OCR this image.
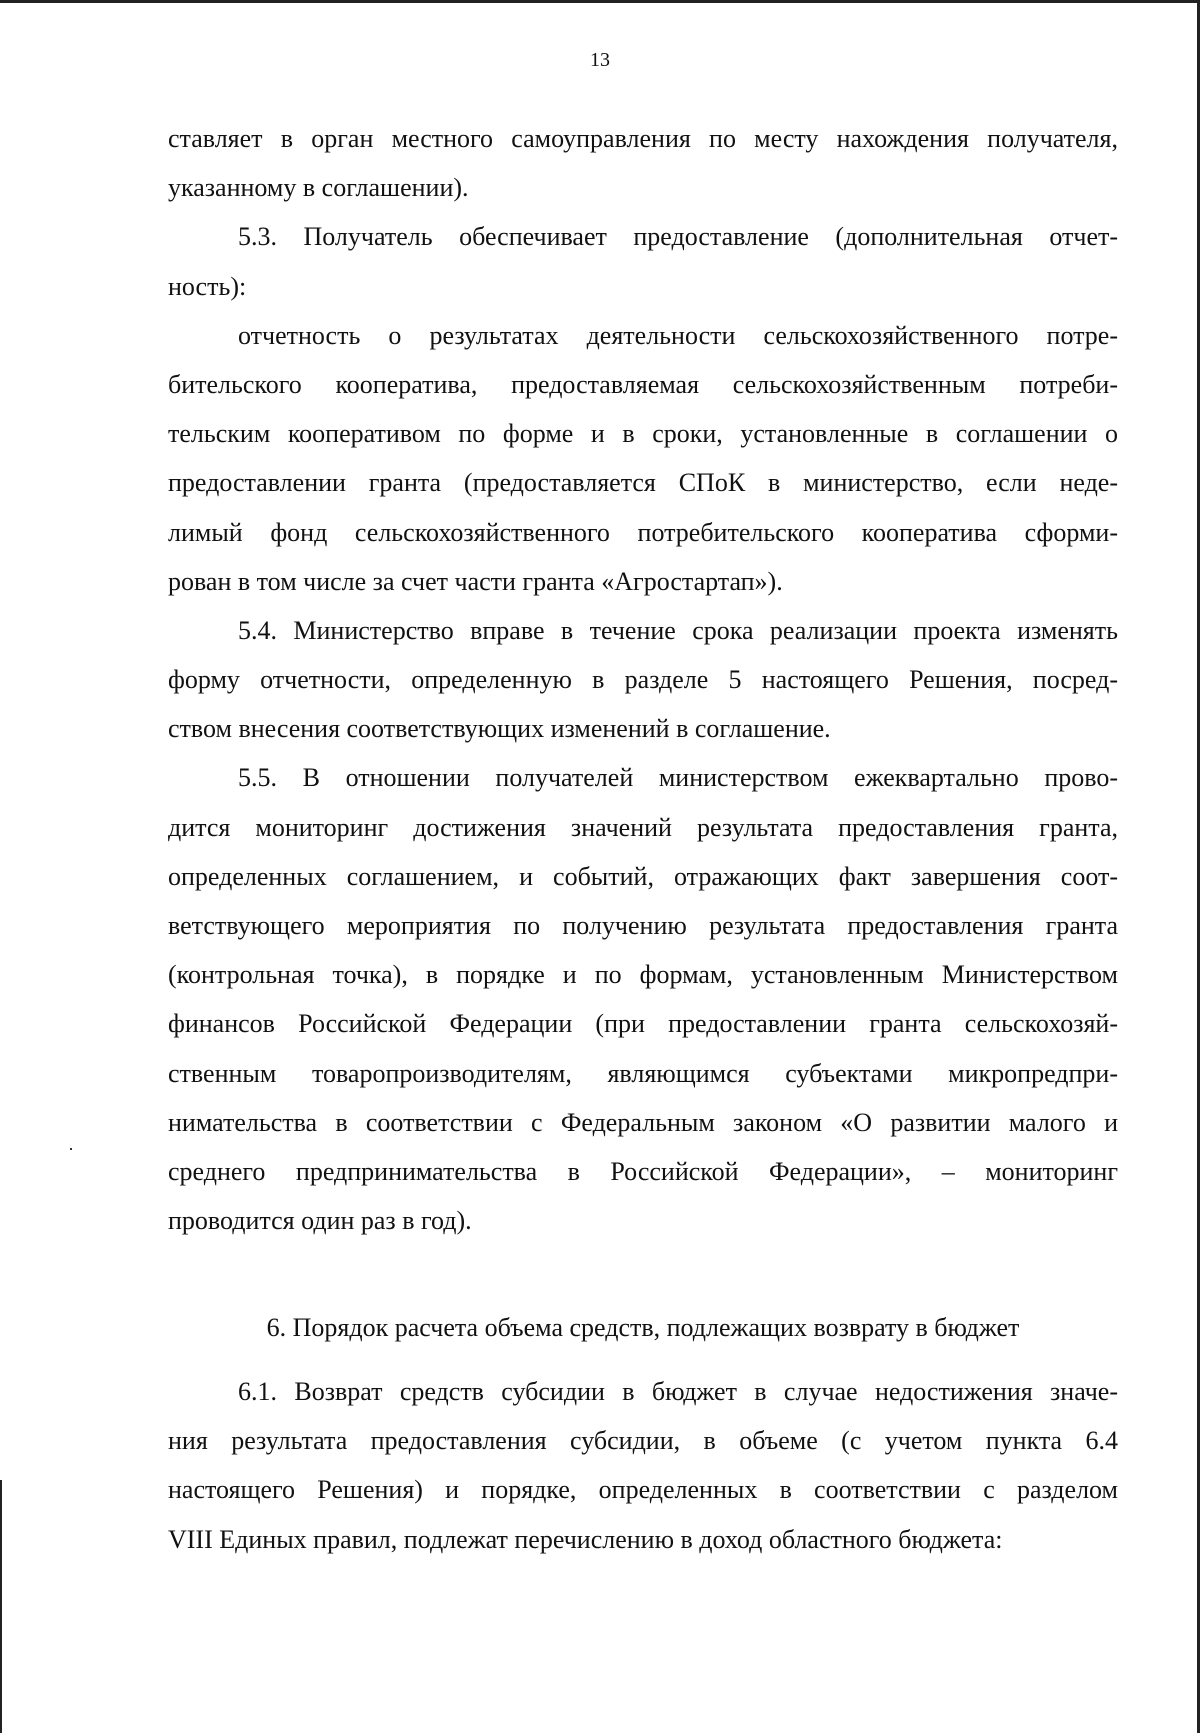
13
ставляет в орган местного самоуправления по месту нахождения получателя,
указанному в соглашении).
5.3. Получатель обеспечивает предоставление (дополнительная отчет-
ность):
отчетность о результатах деятельности сельскохозяйственного потре-
бительского кооператива, предоставляемая сельскохозяйственным потреби-
тельским кооперативом по форме и в сроки, установленные в соглашении о
предоставлении гранта (предоставляется СПоК в министерство, если неде-
лимый фонд сельскохозяйственного потребительского кооператива сформи-
рован в том числе за счет части гранта «Агростартап»).
5.4. Министерство вправе в течение срока реализации проекта изменять
форму отчетности, определенную в разделе 5 настоящего Решения, посред-
ством внесения соответствующих изменений в соглашение.
5.5. В отношении получателей министерством ежеквартально прово-
дится мониторинг достижения значений результата предоставления гранта,
определенных соглашением, и событий, отражающих факт завершения соот-
ветствующего мероприятия по получению результата предоставления гранта
(контрольная точка), в порядке и по формам, установленным Министерством
финансов Российской Федерации (при предоставлении гранта сельскохозяй-
ственным товаропроизводителям, являющимся субъектами микропредпри-
нимательства в соответствии с Федеральным законом «О развитии малого и
среднего предпринимательства в Российской Федерации», – мониторинг
проводится один раз в год).
6. Порядок расчета объема средств, подлежащих возврату в бюджет
6.1. Возврат средств субсидии в бюджет в случае недостижения значе-
ния результата предоставления субсидии, в объеме (с учетом пункта 6.4
настоящего Решения) и порядке, определенных в соответствии с разделом
VIII Единых правил, подлежат перечислению в доход областного бюджета:
